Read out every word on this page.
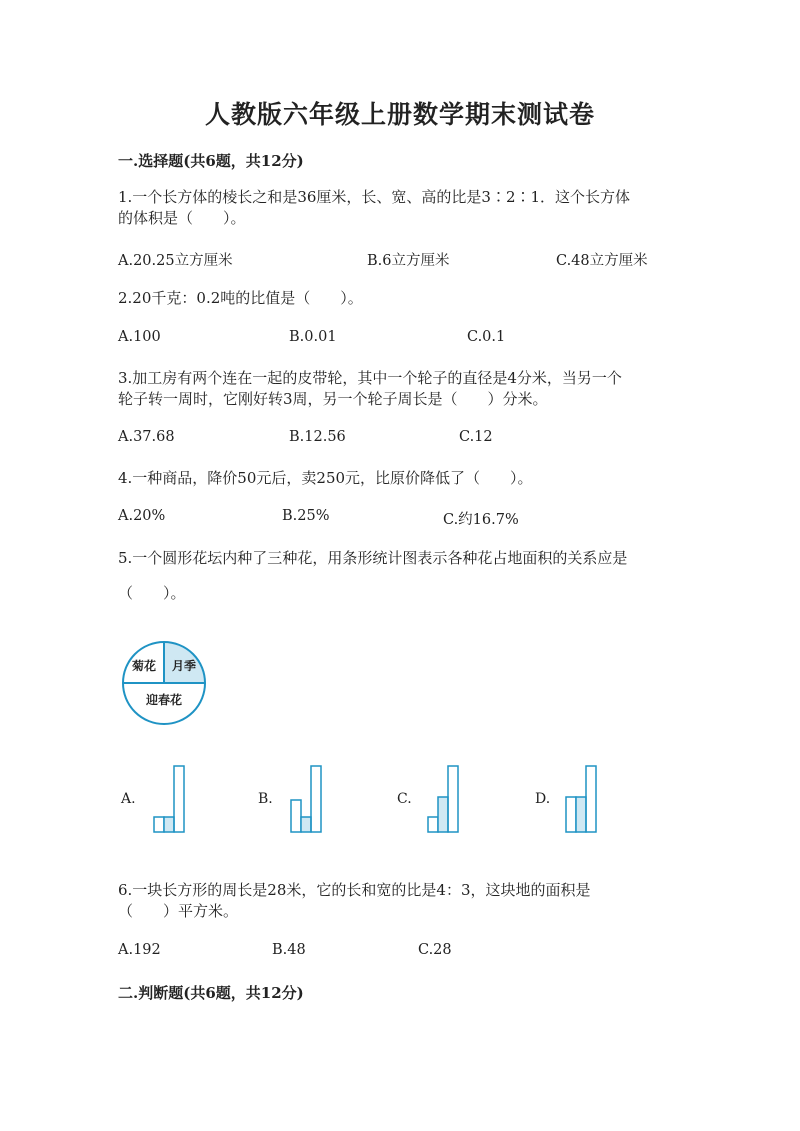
人教版六年级上册数学期末测试卷
一.选择题(共6题，共12分)
1.一个长方体的棱长之和是36厘米，长、宽、高的比是3∶2∶1．这个长方体
的体积是（　　）。
A.20.25立方厘米	B.6立方厘米	C.48立方厘米
2.20千克：0.2吨的比值是（　　）。
A.100	B.0.01	C.0.1
3.加工房有两个连在一起的皮带轮，其中一个轮子的直径是4分米，当另一个
轮子转一周时，它刚好转3周，另一个轮子周长是（　　）分米。
A.37.68	B.12.56	C.12
4.一种商品，降价50元后，卖250元，比原价降低了（　　）。
A.20%	B.25%	C.约16.7%
5.一个圆形花坛内种了三种花，用条形统计图表示各种花占地面积的关系应是
（　　）。
菊花 月季
迎春花
A.	B.	C.	D.
6.一块长方形的周长是28米，它的长和宽的比是4：3，这块地的面积是
（　　）平方米。
A.192	B.48	C.28
二.判断题(共6题，共12分)
